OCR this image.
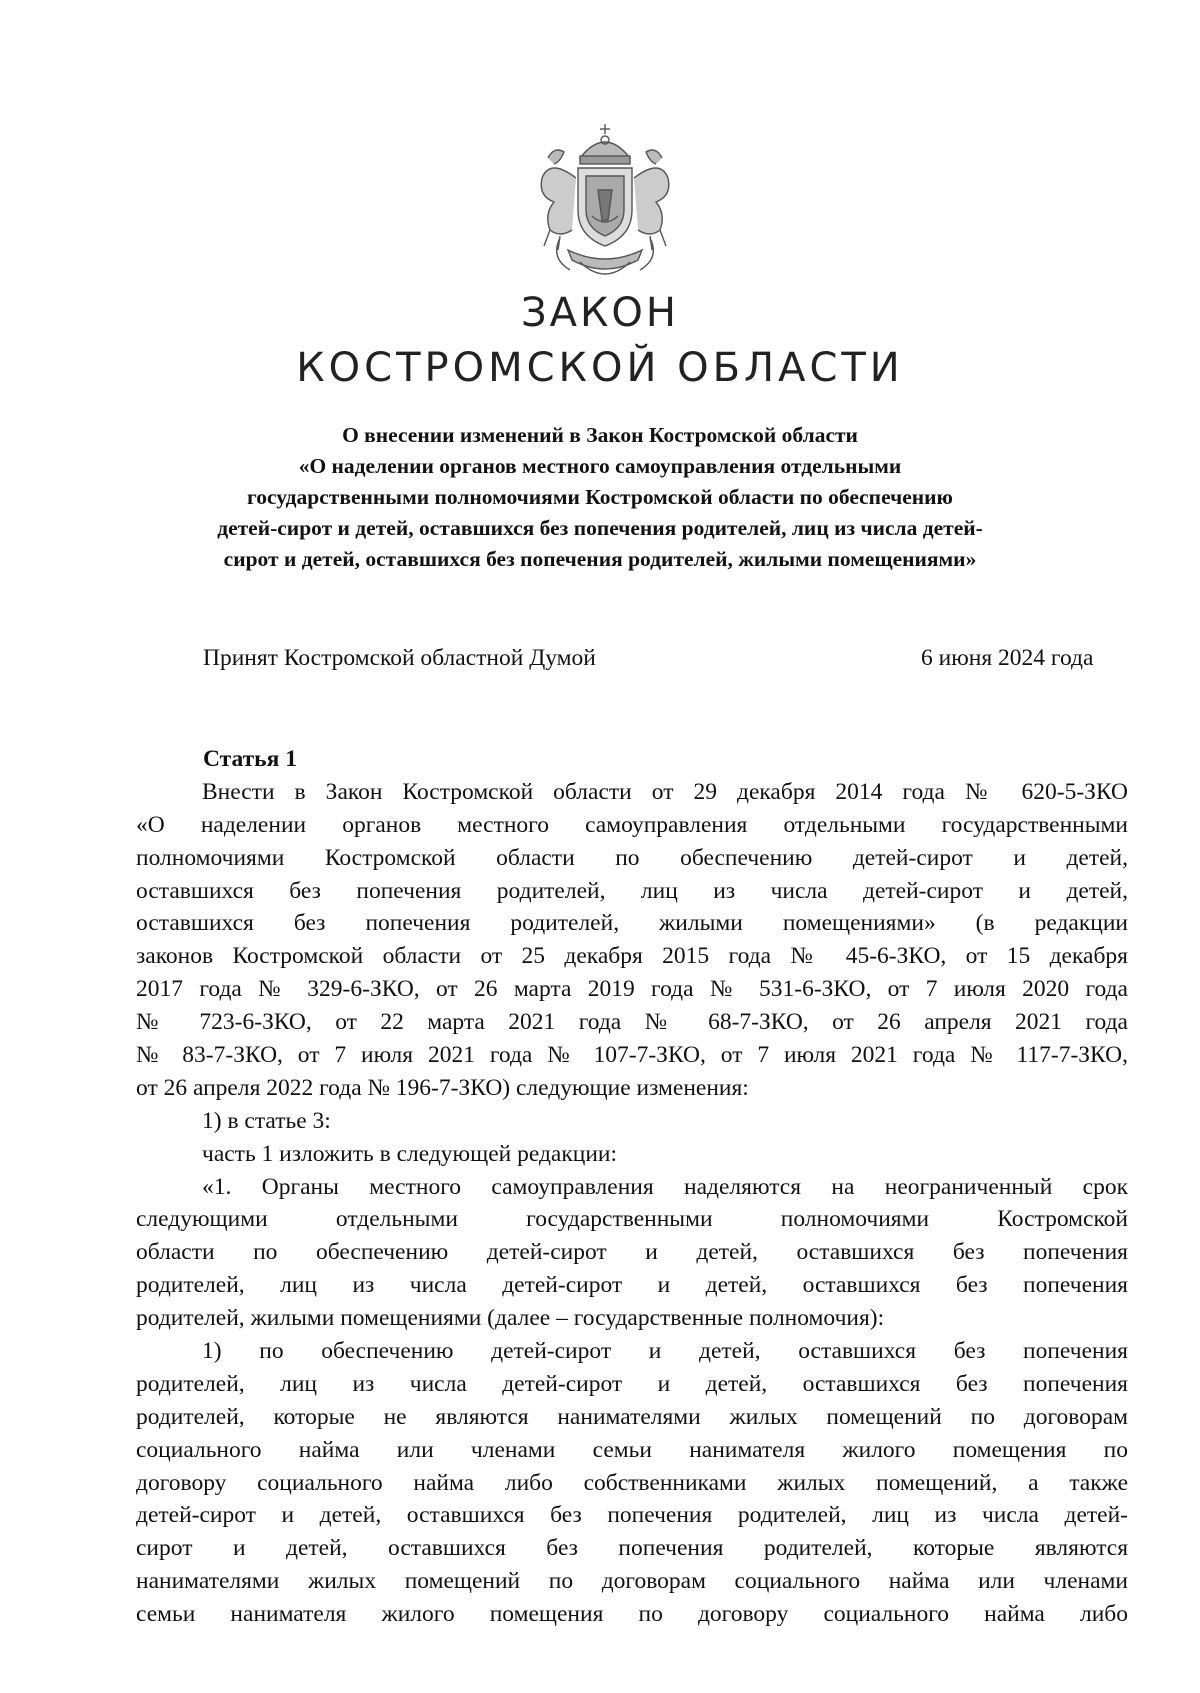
ЗАКОН
КОСТРОМСКОЙ ОБЛАСТИ
О внесении изменений в Закон Костромской области
«О наделении органов местного самоуправления отдельными
государственными полномочиями Костромской области по обеспечению
детей-сирот и детей, оставшихся без попечения родителей, лиц из числа детей-
сирот и детей, оставшихся без попечения родителей, жилыми помещениями»
Принят Костромской областной Думой	6 июня 2024 года
Статья 1
Внести в Закон Костромской области от 29 декабря 2014 года № 620-5-ЗКО
«О наделении органов местного самоуправления отдельными государственными
полномочиями Костромской области по обеспечению детей-сирот и детей,
оставшихся без попечения родителей, лиц из числа детей-сирот и детей,
оставшихся без попечения родителей, жилыми помещениями» (в редакции
законов Костромской области от 25 декабря 2015 года № 45-6-ЗКО, от 15 декабря
2017 года № 329-6-ЗКО, от 26 марта 2019 года № 531-6-ЗКО, от 7 июля 2020 года
№ 723-6-ЗКО, от 22 марта 2021 года № 68-7-ЗКО, от 26 апреля 2021 года
№ 83-7-ЗКО, от 7 июля 2021 года № 107-7-ЗКО, от 7 июля 2021 года № 117-7-ЗКО,
от 26 апреля 2022 года № 196-7-ЗКО) следующие изменения:
1) в статье 3:
часть 1 изложить в следующей редакции:
«1. Органы местного самоуправления наделяются на неограниченный срок
следующими отдельными государственными полномочиями Костромской
области по обеспечению детей-сирот и детей, оставшихся без попечения
родителей, лиц из числа детей-сирот и детей, оставшихся без попечения
родителей, жилыми помещениями (далее – государственные полномочия):
1) по обеспечению детей-сирот и детей, оставшихся без попечения
родителей, лиц из числа детей-сирот и детей, оставшихся без попечения
родителей, которые не являются нанимателями жилых помещений по договорам
социального найма или членами семьи нанимателя жилого помещения по
договору социального найма либо собственниками жилых помещений, а также
детей-сирот и детей, оставшихся без попечения родителей, лиц из числа детей-
сирот и детей, оставшихся без попечения родителей, которые являются
нанимателями жилых помещений по договорам социального найма или членами
семьи нанимателя жилого помещения по договору социального найма либо
